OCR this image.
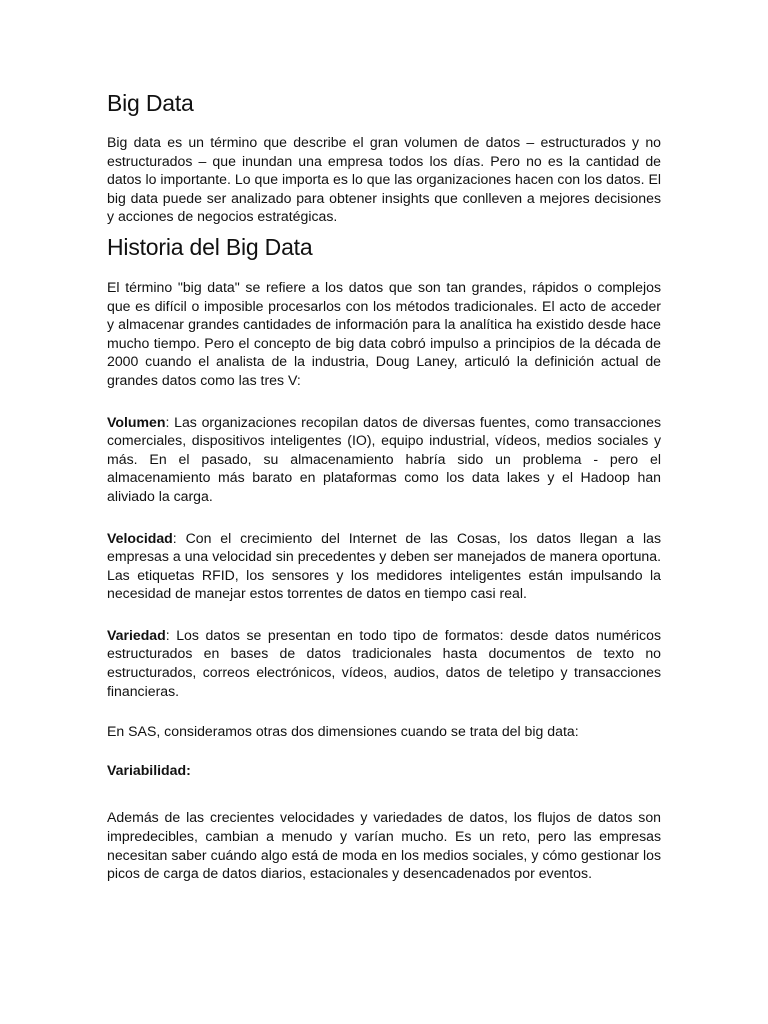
Big Data

Big data es un término que describe el gran volumen de datos – estructurados y no estructurados – que inundan una empresa todos los días. Pero no es la cantidad de datos lo importante. Lo que importa es lo que las organizaciones hacen con los datos. El big data puede ser analizado para obtener insights que conlleven a mejores decisiones y acciones de negocios estratégicas.

Historia del Big Data

El término "big data" se refiere a los datos que son tan grandes, rápidos o complejos que es difícil o imposible procesarlos con los métodos tradicionales. El acto de acceder y almacenar grandes cantidades de información para la analítica ha existido desde hace mucho tiempo. Pero el concepto de big data cobró impulso a principios de la década de 2000 cuando el analista de la industria, Doug Laney, articuló la definición actual de grandes datos como las tres V:

Volumen: Las organizaciones recopilan datos de diversas fuentes, como transacciones comerciales, dispositivos inteligentes (IO), equipo industrial, vídeos, medios sociales y más. En el pasado, su almacenamiento habría sido un problema - pero el almacenamiento más barato en plataformas como los data lakes y el Hadoop han aliviado la carga.

Velocidad: Con el crecimiento del Internet de las Cosas, los datos llegan a las empresas a una velocidad sin precedentes y deben ser manejados de manera oportuna. Las etiquetas RFID, los sensores y los medidores inteligentes están impulsando la necesidad de manejar estos torrentes de datos en tiempo casi real.

Variedad: Los datos se presentan en todo tipo de formatos: desde datos numéricos estructurados en bases de datos tradicionales hasta documentos de texto no estructurados, correos electrónicos, vídeos, audios, datos de teletipo y transacciones financieras.

En SAS, consideramos otras dos dimensiones cuando se trata del big data:

Variabilidad:

Además de las crecientes velocidades y variedades de datos, los flujos de datos son impredecibles, cambian a menudo y varían mucho. Es un reto, pero las empresas necesitan saber cuándo algo está de moda en los medios sociales, y cómo gestionar los picos de carga de datos diarios, estacionales y desencadenados por eventos.
